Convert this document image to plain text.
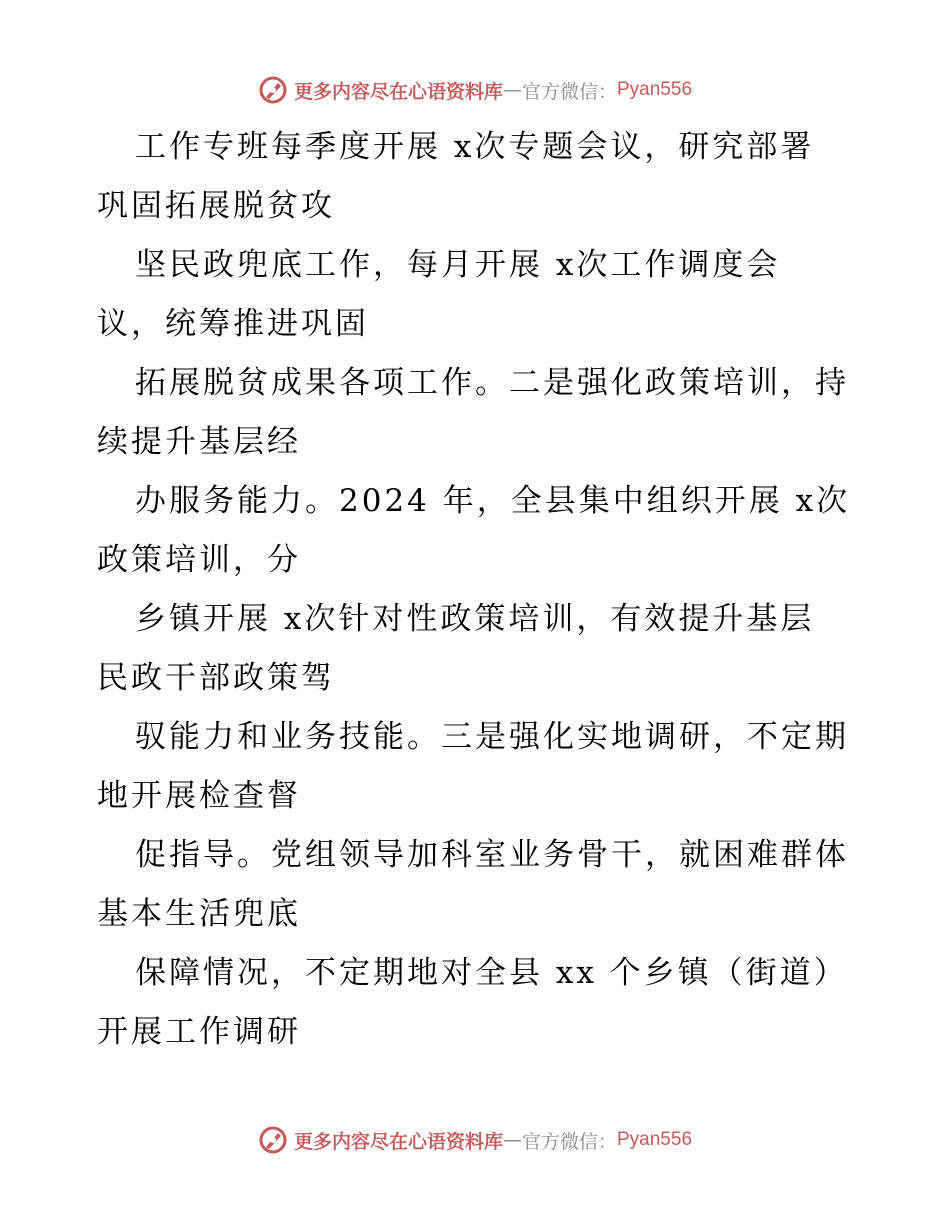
更多内容尽在心语资料库 — 官方微信： Pyan556
工作专班每季度开展 x次专题会议，研究部署
巩固拓展脱贫攻
坚民政兜底工作，每月开展 x次工作调度会
议，统筹推进巩固
拓展脱贫成果各项工作。二是强化政策培训，持
续提升基层经
办服务能力。2024 年，全县集中组织开展 x次
政策培训，分
乡镇开展 x次针对性政策培训，有效提升基层
民政干部政策驾
驭能力和业务技能。三是强化实地调研，不定期
地开展检查督
促指导。党组领导加科室业务骨干，就困难群体
基本生活兜底
保障情况，不定期地对全县 xx 个乡镇（街道）
开展工作调研
更多内容尽在心语资料库 — 官方微信： Pyan556
